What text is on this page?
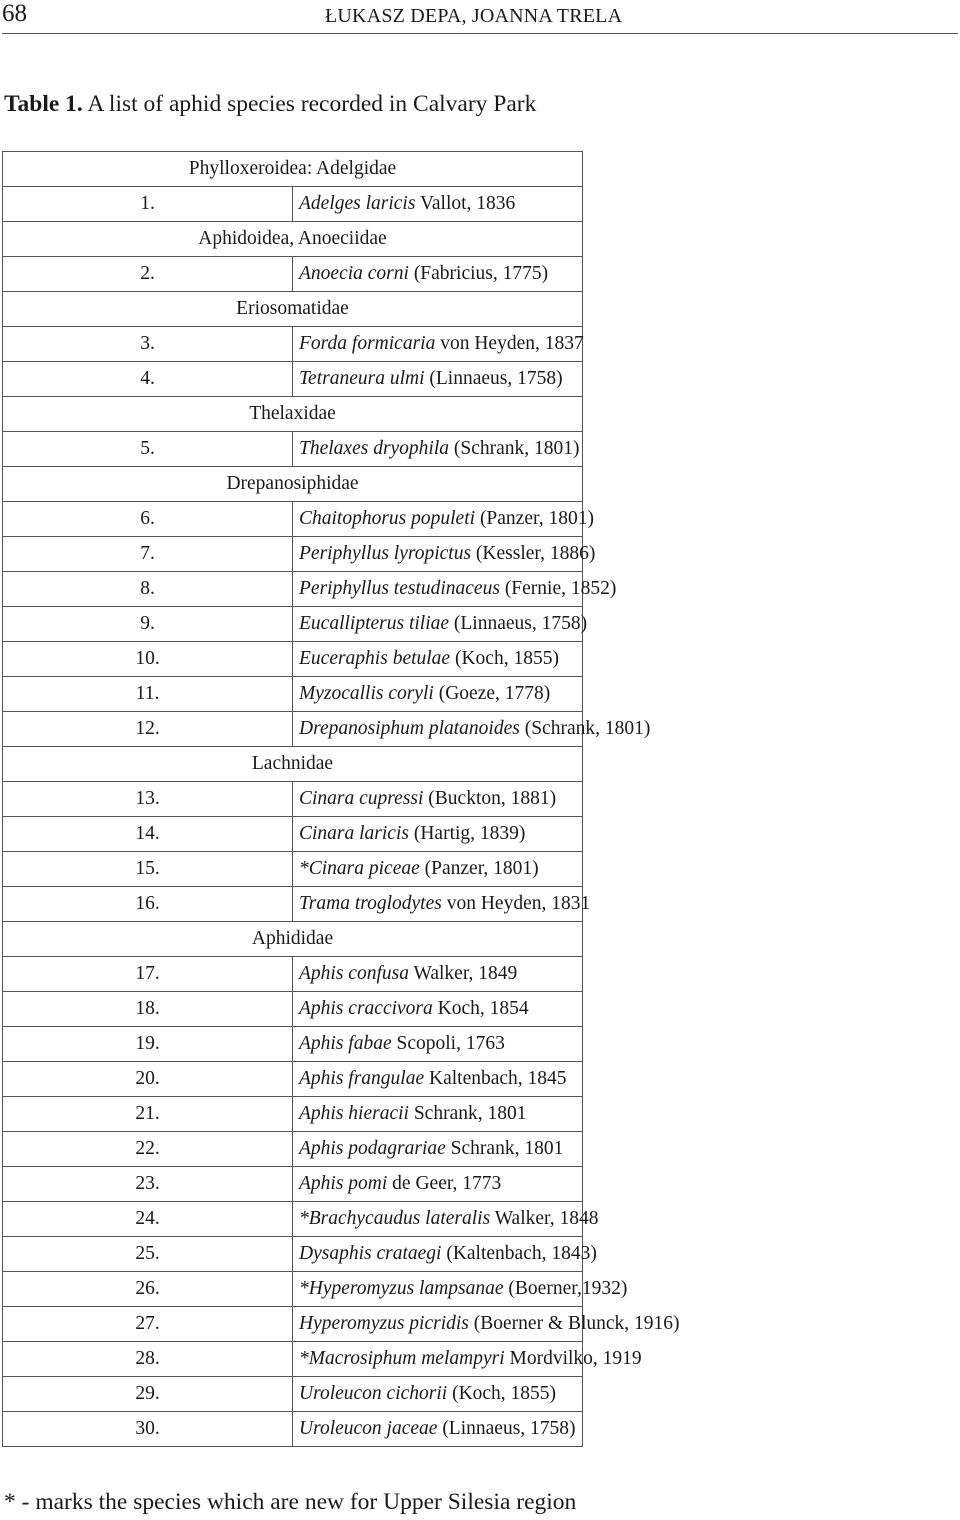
68	ŁUKASZ DEPA, JOANNA TRELA
Table 1. A list of aphid species recorded in Calvary Park
Phylloxeroidea: Adelgidae	
1.	Adelges laricis Vallot, 1836
Aphidoidea, Anoeciidae	
2.	Anoecia corni (Fabricius, 1775)
Eriosomatidae	
3.	Forda formicaria von Heyden, 1837
4.	Tetraneura ulmi (Linnaeus, 1758)
Thelaxidae	
5.	Thelaxes dryophila (Schrank, 1801)
Drepanosiphidae	
6.	Chaitophorus populeti (Panzer, 1801)
7.	Periphyllus lyropictus (Kessler, 1886)
8.	Periphyllus testudinaceus (Fernie, 1852)
9.	Eucallipterus tiliae (Linnaeus, 1758)
10.	Euceraphis betulae (Koch, 1855)
11.	Myzocallis coryli (Goeze, 1778)
12.	Drepanosiphum platanoides (Schrank, 1801)
Lachnidae	
13.	Cinara cupressi (Buckton, 1881)
14.	Cinara laricis (Hartig, 1839)
15.	*Cinara piceae (Panzer, 1801)
16.	Trama troglodytes von Heyden, 1831
Aphididae	
17.	Aphis confusa Walker, 1849
18.	Aphis craccivora Koch, 1854
19.	Aphis fabae Scopoli, 1763
20.	Aphis frangulae Kaltenbach, 1845
21.	Aphis hieracii Schrank, 1801
22.	Aphis podagrariae Schrank, 1801
23.	Aphis pomi de Geer, 1773
24.	*Brachycaudus lateralis Walker, 1848
25.	Dysaphis crataegi (Kaltenbach, 1843)
26.	*Hyperomyzus lampsanae (Boerner,1932)
27.	Hyperomyzus picridis (Boerner & Blunck, 1916)
28.	*Macrosiphum melampyri Mordvilko, 1919
29.	Uroleucon cichorii (Koch, 1855)
30.	Uroleucon jaceae (Linnaeus, 1758)
* - marks the species which are new for Upper Silesia region
